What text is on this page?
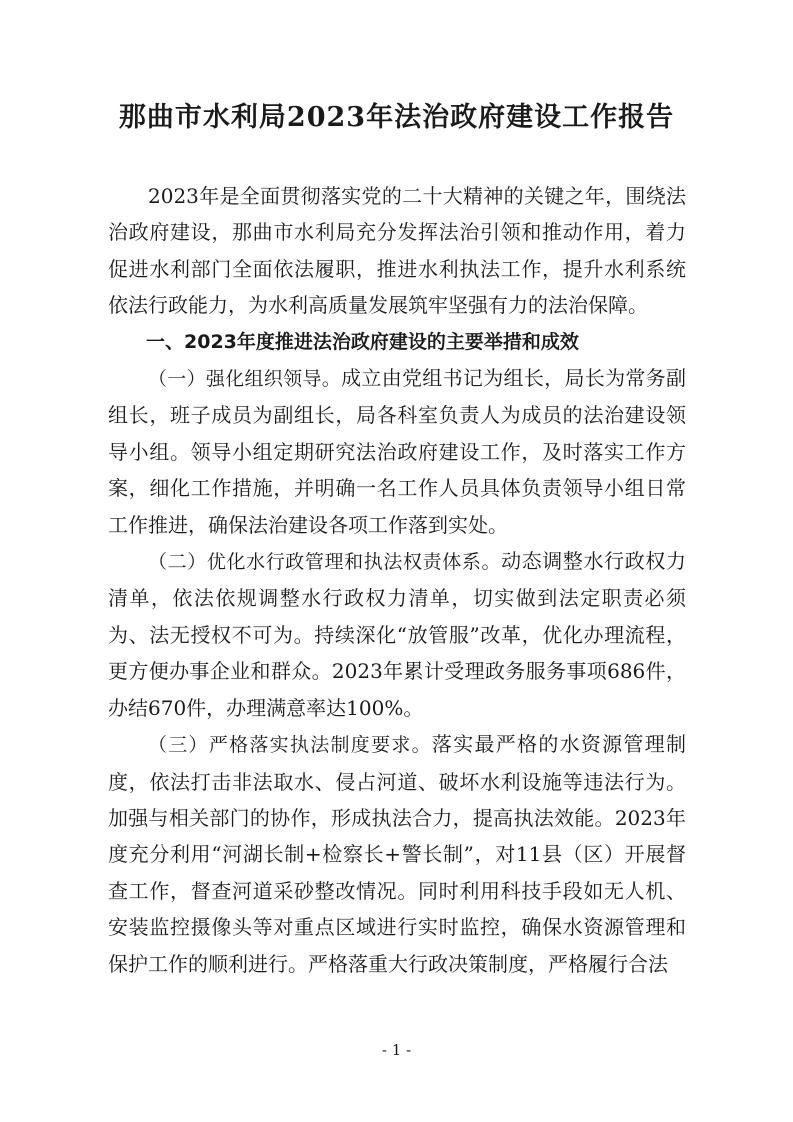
那曲市水利局2023年法治政府建设工作报告

2023年是全面贯彻落实党的二十大精神的关键之年，围绕法治政府建设，那曲市水利局充分发挥法治引领和推动作用，着力促进水利部门全面依法履职，推进水利执法工作，提升水利系统依法行政能力，为水利高质量发展筑牢坚强有力的法治保障。

一、2023年度推进法治政府建设的主要举措和成效

（一）强化组织领导。成立由党组书记为组长，局长为常务副组长，班子成员为副组长，局各科室负责人为成员的法治建设领导小组。领导小组定期研究法治政府建设工作，及时落实工作方案，细化工作措施，并明确一名工作人员具体负责领导小组日常工作推进，确保法治建设各项工作落到实处。

（二）优化水行政管理和执法权责体系。动态调整水行政权力清单，依法依规调整水行政权力清单，切实做到法定职责必须为、法无授权不可为。持续深化“放管服”改革，优化办理流程，更方便办事企业和群众。2023年累计受理政务服务事项686件，办结670件，办理满意率达100%。

（三）严格落实执法制度要求。落实最严格的水资源管理制度，依法打击非法取水、侵占河道、破坏水利设施等违法行为。加强与相关部门的协作，形成执法合力，提高执法效能。2023年度充分利用“河湖长制+检察长+警长制”，对11县（区）开展督查工作，督查河道采砂整改情况。同时利用科技手段如无人机、安装监控摄像头等对重点区域进行实时监控，确保水资源管理和保护工作的顺利进行。严格落重大行政决策制度，严格履行合法

- 1 -
